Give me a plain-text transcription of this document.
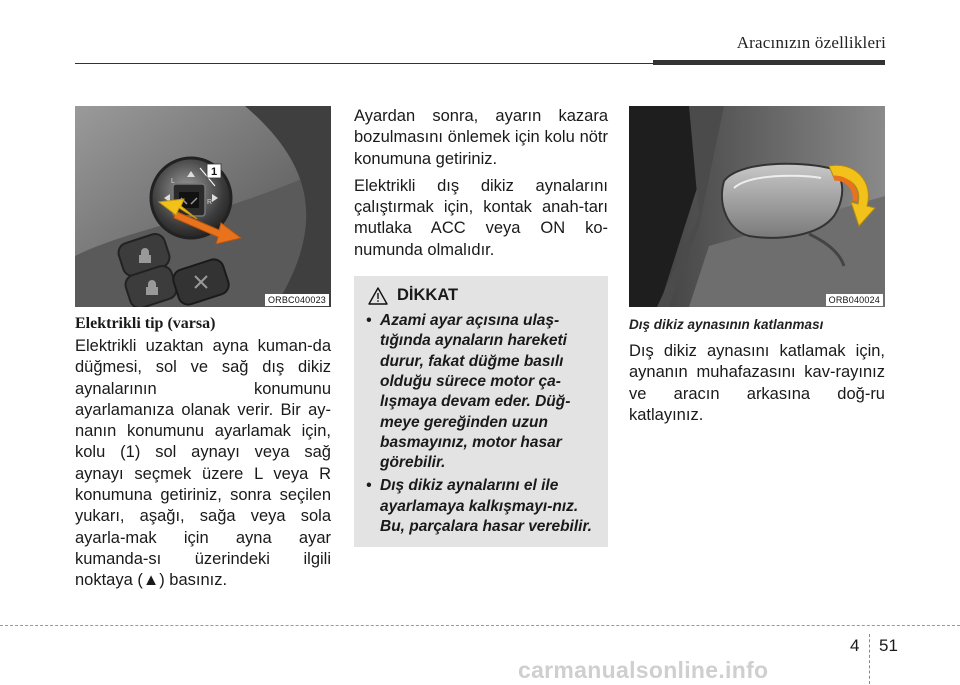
Aracınızın özellikleri
R
L
1
ORBC040023
Elektrikli tip (varsa)

Elektrikli uzaktan ayna kuman-da düğmesi, sol ve sağ dış dikiz aynalarının konumunu ayarlamanıza olanak verir. Bir ay-nanın konumunu ayarlamak için, kolu (1) sol aynayı veya sağ aynayı seçmek üzere L veya R konumuna getiriniz, sonra seçilen yukarı, aşağı, sağa veya sola ayarla-mak için ayna ayar kumanda-sı üzerindeki ilgili noktaya (▲) basınız.

Ayardan sonra, ayarın kazara bozulmasını önlemek için kolu nötr konumuna getiriniz.

Elektrikli dış dikiz aynalarını çalıştırmak için, kontak anah-tarı mutlaka ACC veya ON ko-numunda olmalıdır.

DİKKAT
• Azami ayar açısına ulaş-tığında aynaların hareketi durur, fakat düğme basılı olduğu sürece motor ça-lışmaya devam eder. Düğ-meye gereğinden uzun basmayınız, motor hasar görebilir.
• Dış dikiz aynalarını el ile ayarlamaya kalkışmayı-nız. Bu, parçalara hasar verebilir.
ORB040024
Dış dikiz aynasının katlanması

Dış dikiz aynasını katlamak için, aynanın muhafazasını kav-rayınız ve aracın arkasına doğ-ru katlayınız.

4 51
carmanualsonline.info
